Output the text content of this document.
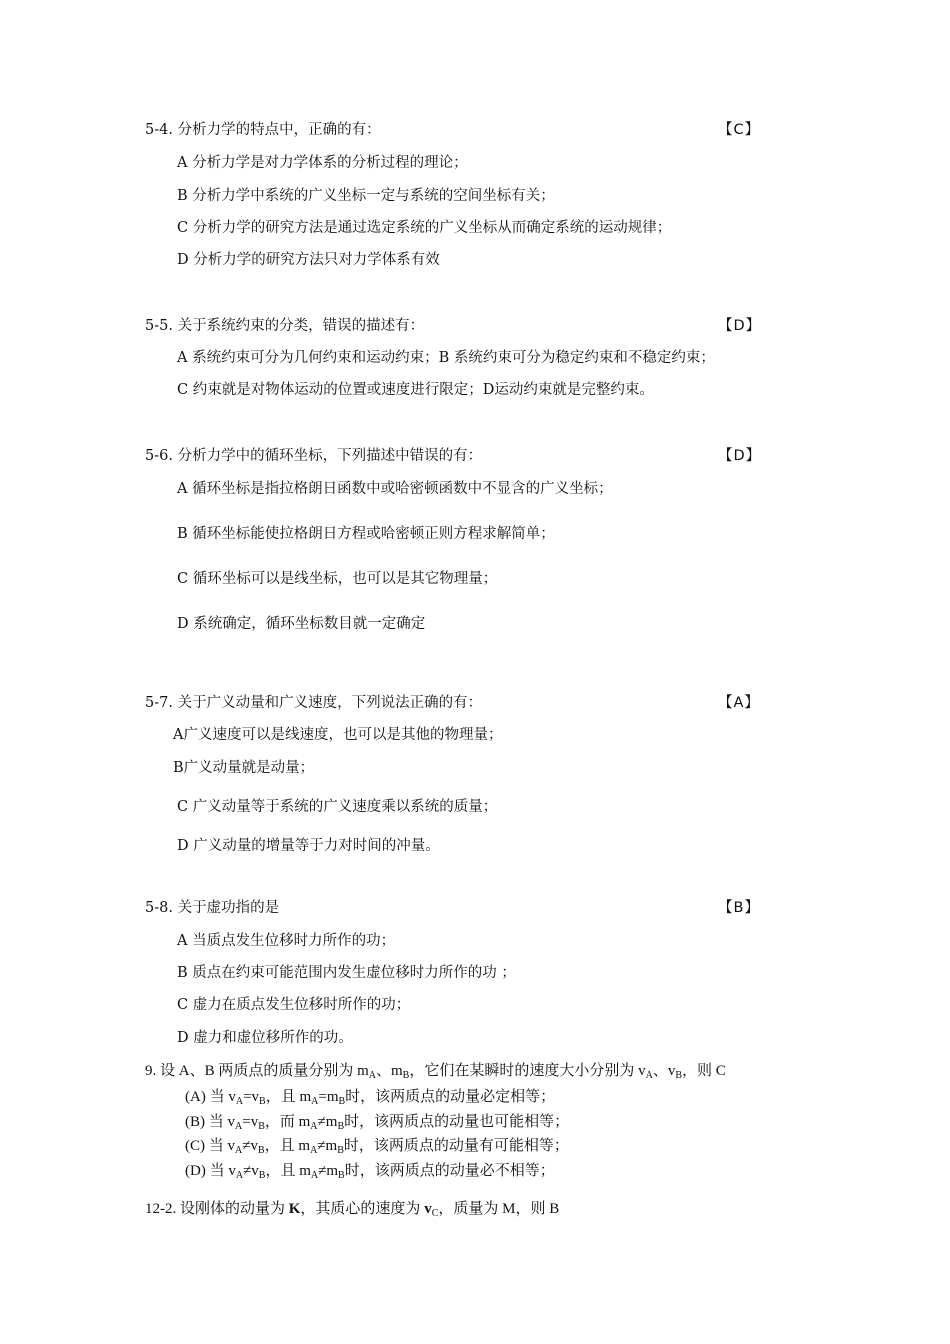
5-4. 分析力学的特点中，正确的有：	【C】
A 分析力学是对力学体系的分析过程的理论；
B 分析力学中系统的广义坐标一定与系统的空间坐标有关；
C 分析力学的研究方法是通过选定系统的广义坐标从而确定系统的运动规律；
D 分析力学的研究方法只对力学体系有效
5-5. 关于系统约束的分类，错误的描述有：	【D】
A 系统约束可分为几何约束和运动约束；B 系统约束可分为稳定约束和不稳定约束；
C 约束就是对物体运动的位置或速度进行限定；D运动约束就是完整约束。
5-6. 分析力学中的循环坐标，下列描述中错误的有：	【D】
A 循环坐标是指拉格朗日函数中或哈密顿函数中不显含的广义坐标；
B 循环坐标能使拉格朗日方程或哈密顿正则方程求解简单；
C 循环坐标可以是线坐标，也可以是其它物理量；
D 系统确定，循环坐标数目就一定确定
5-7. 关于广义动量和广义速度，下列说法正确的有：	【A】
A广义速度可以是线速度，也可以是其他的物理量；
B广义动量就是动量；
C 广义动量等于系统的广义速度乘以系统的质量；
D 广义动量的增量等于力对时间的冲量。
5-8. 关于虚功指的是	【B】
A 当质点发生位移时力所作的功；
B 质点在约束可能范围内发生虚位移时力所作的功 ；
C 虚力在质点发生位移时所作的功；
D 虚力和虚位移所作的功。
9. 设 A、B 两质点的质量分别为 $m_A$、$m_B$，它们在某瞬时的速度大小分别为 $v_A$、$v_B$，则 C
(A) 当 $v_A=v_B$，且 $m_A=m_B$时，该两质点的动量必定相等；
(B) 当 $v_A=v_B$，而 $m_A\ne m_B$时，该两质点的动量也可能相等；
(C) 当 $v_A\ne v_B$，且 $m_A\ne m_B$时，该两质点的动量有可能相等；
(D) 当 $v_A\ne v_B$，且 $m_A\ne m_B$时，该两质点的动量必不相等；
12-2. 设刚体的动量为 K，其质心的速度为 $v_C$，质量为 M，则 B
